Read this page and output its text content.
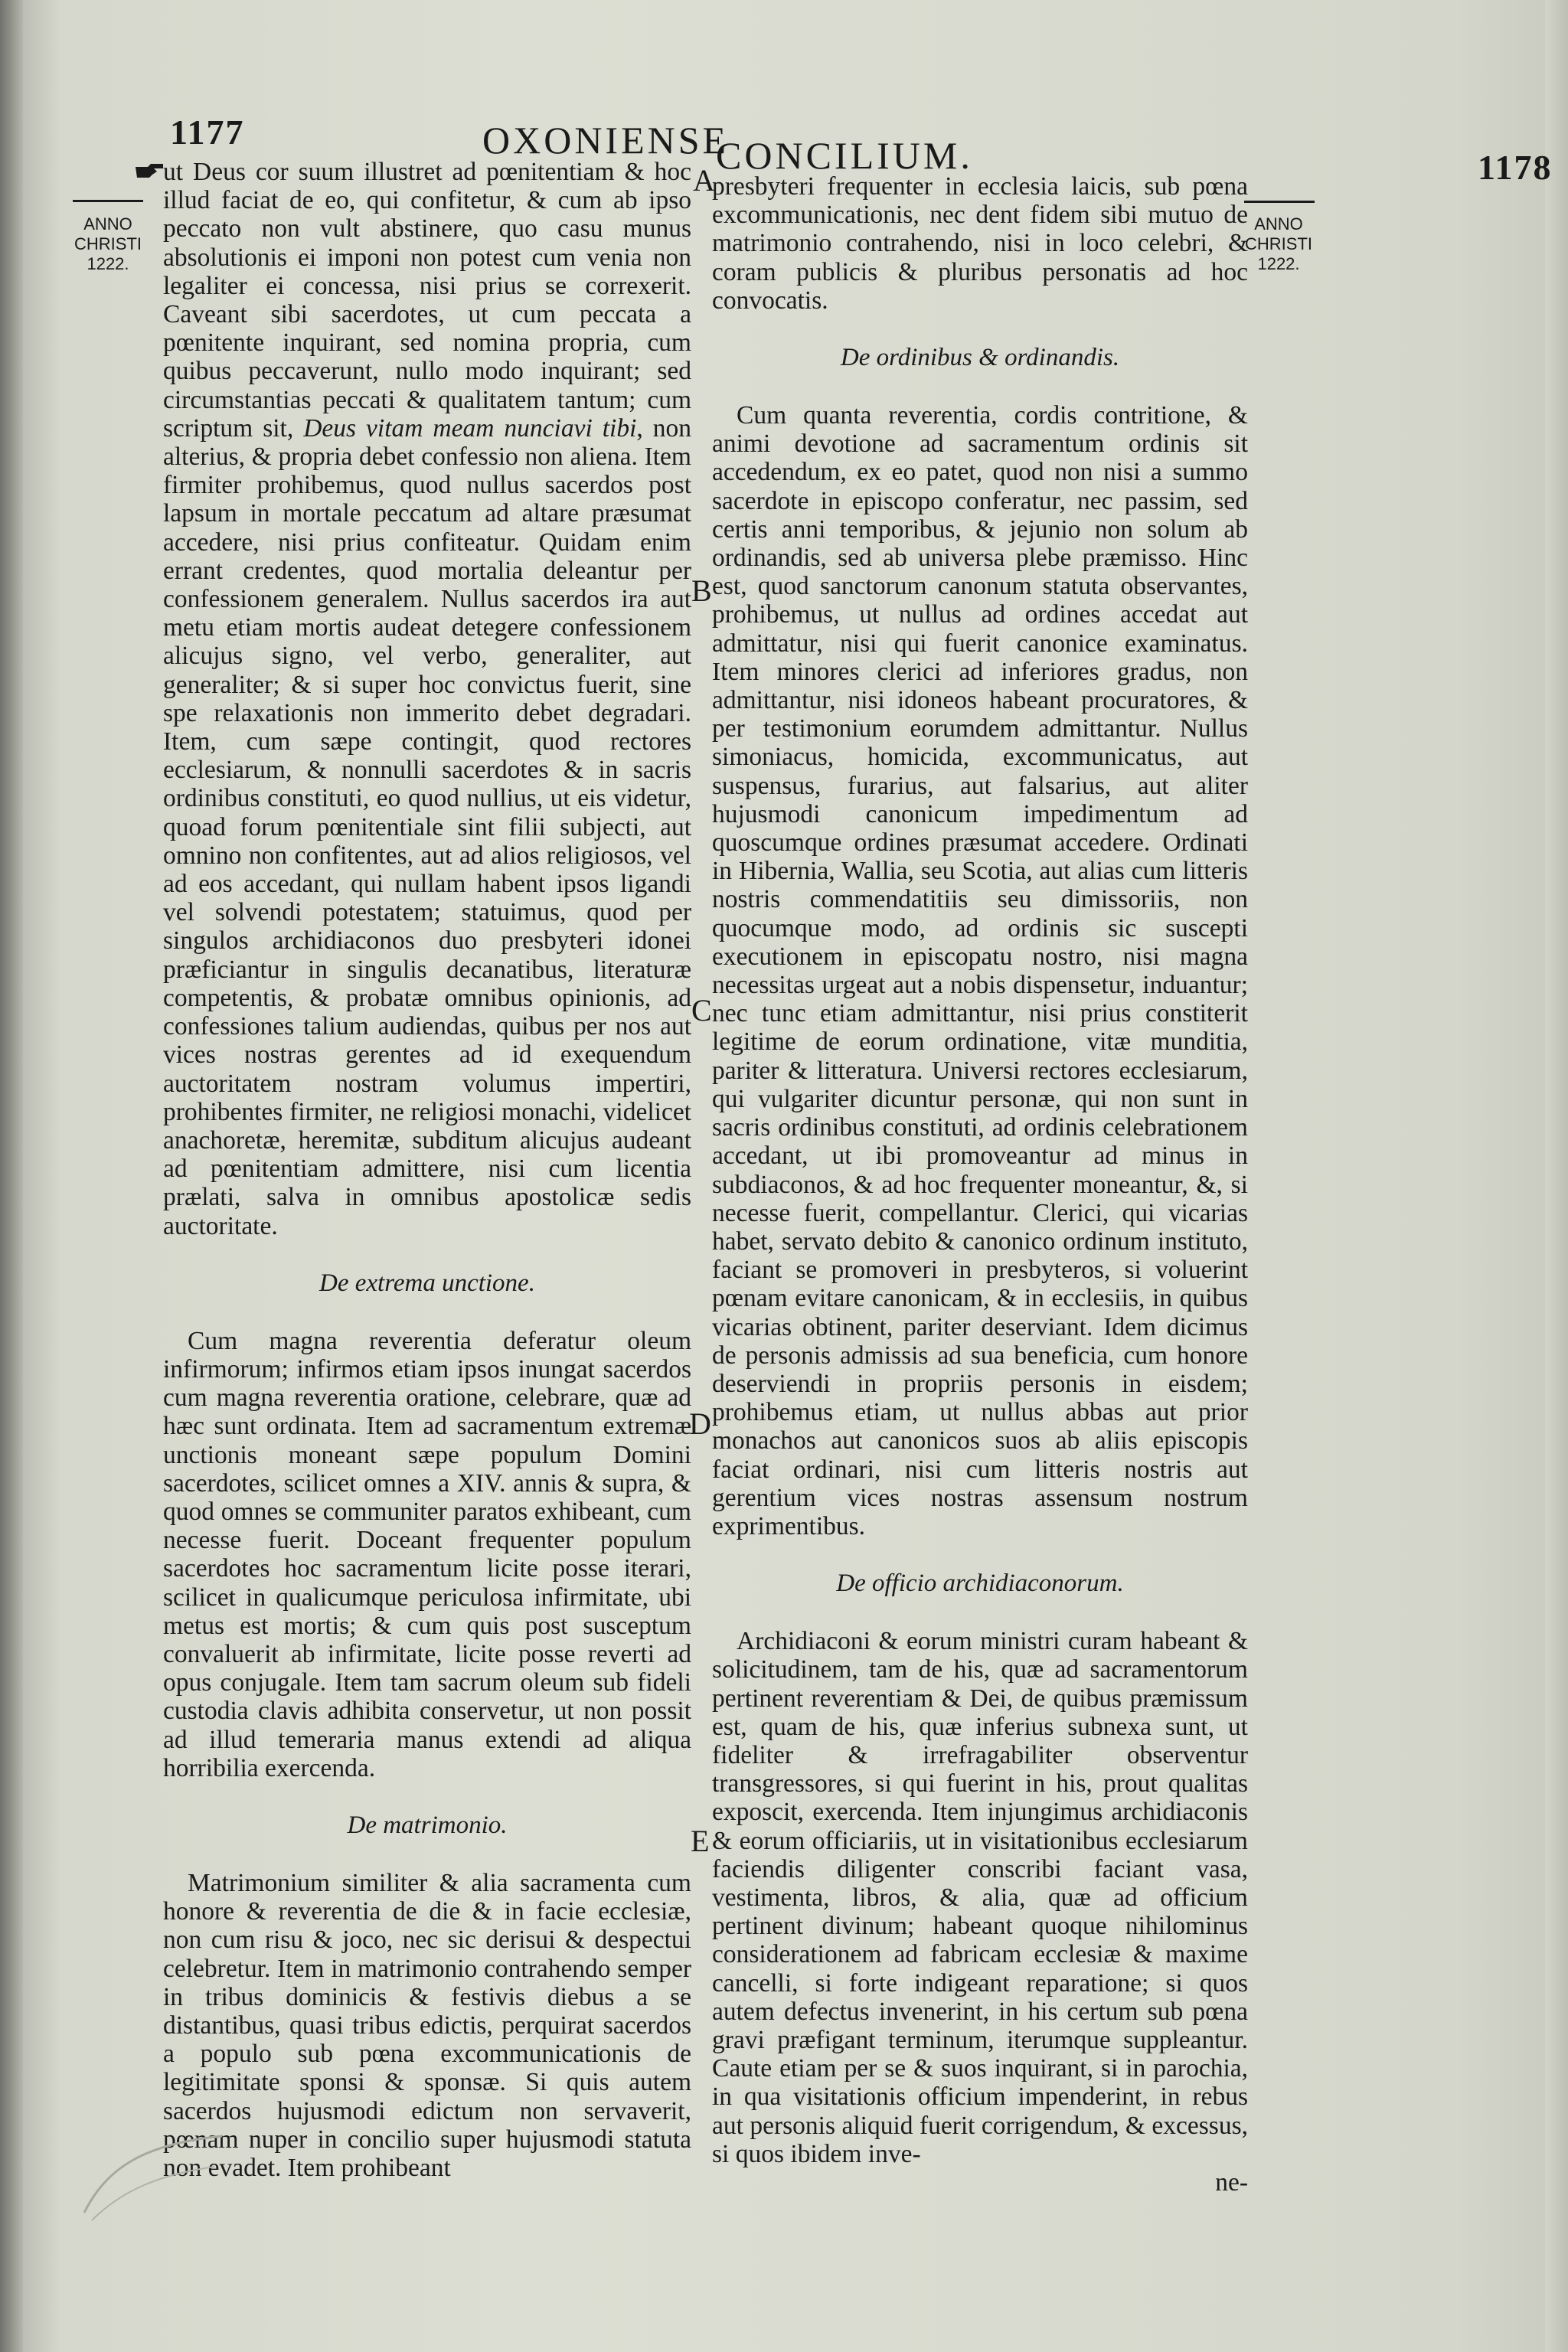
1177	OXONIENSE
CONCILIUM.	1178
ANNO
CHRISTI
1222.
ANNO
CHRISTI
1222.
A
B
C
D
E

ut Deus cor suum illustret ad pœnitentiam & hoc illud faciat de eo, qui confitetur, & cum ab ipso peccato non vult abstinere, quo casu munus absolutionis ei imponi non potest cum venia non legaliter ei concessa, nisi prius se correxerit. Caveant sibi sacerdotes, ut cum peccata a pœnitente inquirant, sed nomina propria, cum quibus peccaverunt, nullo modo inquirant; sed circumstantias peccati & qualitatem tantum; cum scriptum sit, Deus vitam meam nunciavi tibi, non alterius, & propria debet confessio non aliena. Item firmiter prohibemus, quod nullus sacerdos post lapsum in mortale peccatum ad altare præsumat accedere, nisi prius confiteatur. Quidam enim errant credentes, quod mortalia deleantur per confessionem generalem. Nullus sacerdos ira aut metu etiam mortis audeat detegere confessionem alicujus signo, vel verbo, generaliter, aut generaliter; & si super hoc convictus fuerit, sine spe relaxationis non immerito debet degradari. Item, cum sæpe contingit, quod rectores ecclesiarum, & nonnulli sacerdotes & in sacris ordinibus constituti, eo quod nullius, ut eis videtur, quoad forum pœnitentiale sint filii subjecti, aut omnino non confitentes, aut ad alios religiosos, vel ad eos accedant, qui nullam habent ipsos ligandi vel solvendi potestatem; statuimus, quod per singulos archidiaconos duo presbyteri idonei præficiantur in singulis decanatibus, literaturæ competentis, & probatæ omnibus opinionis, ad confessiones talium audiendas, quibus per nos aut vices nostras gerentes ad id exequendum auctoritatem nostram volumus impertiri, prohibentes firmiter, ne religiosi monachi, videlicet anachoretæ, heremitæ, subditum alicujus audeant ad pœnitentiam admittere, nisi cum licentia prælati, salva in omnibus apostolicæ sedis auctoritate.

De extrema unctione.

Cum magna reverentia deferatur oleum infirmorum; infirmos etiam ipsos inungat sacerdos cum magna reverentia oratione, celebrare, quæ ad hæc sunt ordinata. Item ad sacramentum extremæ unctionis moneant sæpe populum Domini sacerdotes, scilicet omnes a XIV. annis & supra, & quod omnes se communiter paratos exhibeant, cum necesse fuerit. Doceant frequenter populum sacerdotes hoc sacramentum licite posse iterari, scilicet in qualicumque periculosa infirmitate, ubi metus est mortis; & cum quis post susceptum convaluerit ab infirmitate, licite posse reverti ad opus conjugale. Item tam sacrum oleum sub fideli custodia clavis adhibita conservetur, ut non possit ad illud temeraria manus extendi ad aliqua horribilia exercenda.

De matrimonio.

Matrimonium similiter & alia sacramenta cum honore & reverentia de die & in facie ecclesiæ, non cum risu & joco, nec sic derisui & despectui celebretur. Item in matrimonio contrahendo semper in tribus dominicis & festivis diebus a se distantibus, quasi tribus edictis, perquirat sacerdos a populo sub pœna excommunicationis de legitimitate sponsi & sponsæ. Si quis autem sacerdos hujusmodi edictum non servaverit, pœnam nuper in concilio super hujusmodi statuta non evadet. Item prohibeant

presbyteri frequenter in ecclesia laicis, sub pœna excommunicationis, nec dent fidem sibi mutuo de matrimonio contrahendo, nisi in loco celebri, & coram publicis & pluribus personatis ad hoc convocatis.

De ordinibus & ordinandis.

Cum quanta reverentia, cordis contritione, & animi devotione ad sacramentum ordinis sit accedendum, ex eo patet, quod non nisi a summo sacerdote in episcopo conferatur, nec passim, sed certis anni temporibus, & jejunio non solum ab ordinandis, sed ab universa plebe præmisso. Hinc est, quod sanctorum canonum statuta observantes, prohibemus, ut nullus ad ordines accedat aut admittatur, nisi qui fuerit canonice examinatus. Item minores clerici ad inferiores gradus, non admittantur, nisi idoneos habeant procuratores, & per testimonium eorumdem admittantur. Nullus simoniacus, homicida, excommunicatus, aut suspensus, furarius, aut falsarius, aut aliter hujusmodi canonicum impedimentum ad quoscumque ordines præsumat accedere. Ordinati in Hibernia, Wallia, seu Scotia, aut alias cum litteris nostris commendatitiis seu dimissoriis, non quocumque modo, ad ordinis sic suscepti executionem in episcopatu nostro, nisi magna necessitas urgeat aut a nobis dispensetur, induantur; nec tunc etiam admittantur, nisi prius constiterit legitime de eorum ordinatione, vitæ munditia, pariter & litteratura. Universi rectores ecclesiarum, qui vulgariter dicuntur personæ, qui non sunt in sacris ordinibus constituti, ad ordinis celebrationem accedant, ut ibi promoveantur ad minus in subdiaconos, & ad hoc frequenter moneantur, &, si necesse fuerit, compellantur. Clerici, qui vicarias habet, servato debito & canonico ordinum instituto, faciant se promoveri in presbyteros, si voluerint pœnam evitare canonicam, & in ecclesiis, in quibus vicarias obtinent, pariter deserviant. Idem dicimus de personis admissis ad sua beneficia, cum honore deserviendi in propriis personis in eisdem; prohibemus etiam, ut nullus abbas aut prior monachos aut canonicos suos ab aliis episcopis faciat ordinari, nisi cum litteris nostris aut gerentium vices nostras assensum nostrum exprimentibus.

De officio archidiaconorum.

Archidiaconi & eorum ministri curam habeant & solicitudinem, tam de his, quæ ad sacramentorum pertinent reverentiam & Dei, de quibus præmissum est, quam de his, quæ inferius subnexa sunt, ut fideliter & irrefragabiliter observentur transgressores, si qui fuerint in his, prout qualitas exposcit, exercenda. Item injungimus archidiaconis & eorum officiariis, ut in visitationibus ecclesiarum faciendis diligenter conscribi faciant vasa, vestimenta, libros, & alia, quæ ad officium pertinent divinum; habeant quoque nihilominus considerationem ad fabricam ecclesiæ & maxime cancelli, si forte indigeant reparatione; si quos autem defectus invenerint, in his certum sub pœna gravi præfigant terminum, iterumque suppleantur. Caute etiam per se & suos inquirant, si in parochia, in qua visitationis officium impenderint, in rebus aut personis aliquid fuerit corrigendum, & excessus, si quos ibidem inve-

ne-
